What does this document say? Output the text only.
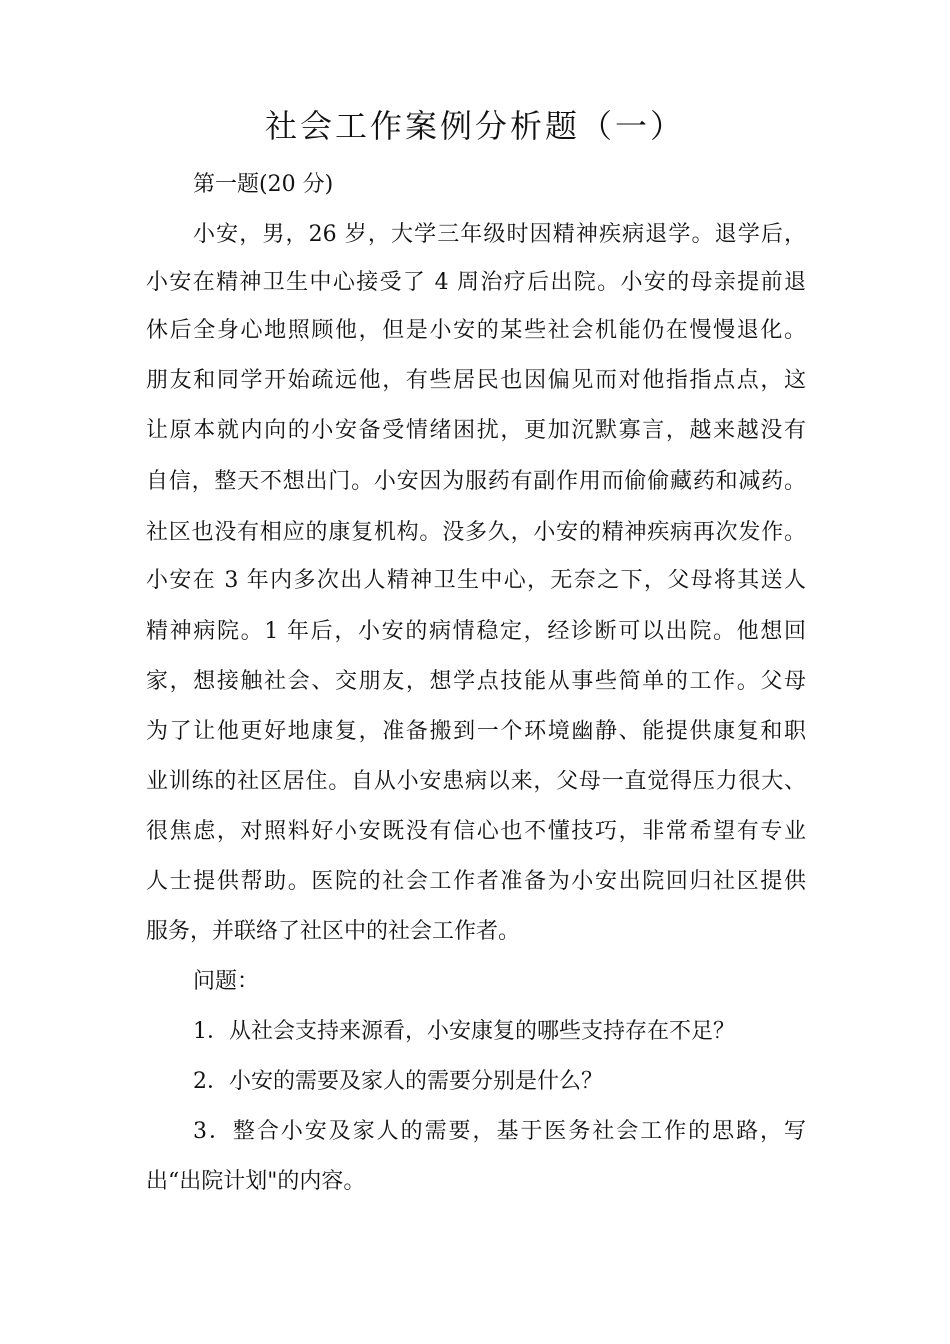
社会工作案例分析题（一）
第一题(20 分)
小安，男，26 岁，大学三年级时因精神疾病退学。退学后，
小安在精神卫生中心接受了 4 周治疗后出院。小安的母亲提前退
休后全身心地照顾他，但是小安的某些社会机能仍在慢慢退化。
朋友和同学开始疏远他，有些居民也因偏见而对他指指点点，这
让原本就内向的小安备受情绪困扰，更加沉默寡言，越来越没有
自信，整天不想出门。小安因为服药有副作用而偷偷藏药和减药。
社区也没有相应的康复机构。没多久，小安的精神疾病再次发作。
小安在 3 年内多次出人精神卫生中心，无奈之下，父母将其送人
精神病院。1 年后，小安的病情稳定，经诊断可以出院。他想回
家，想接触社会、交朋友，想学点技能从事些简单的工作。父母
为了让他更好地康复，准备搬到一个环境幽静、能提供康复和职
业训练的社区居住。自从小安患病以来，父母一直觉得压力很大、
很焦虑，对照料好小安既没有信心也不懂技巧，非常希望有专业
人士提供帮助。医院的社会工作者准备为小安出院回归社区提供
服务，并联络了社区中的社会工作者。
问题：
1．从社会支持来源看，小安康复的哪些支持存在不足？
2．小安的需要及家人的需要分别是什么？
3．整合小安及家人的需要，基于医务社会工作的思路，写
出“出院计划"的内容。
